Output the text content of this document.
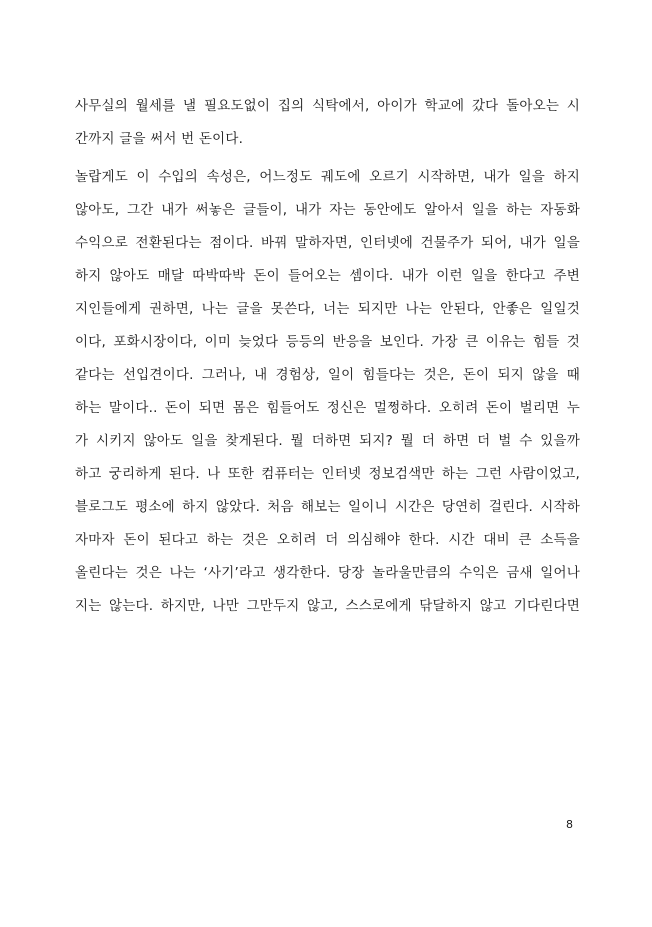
사무실의 월세를 낼 필요도없이 집의 식탁에서, 아이가 학교에 갔다 돌아오는 시
간까지 글을 써서 번 돈이다.
놀랍게도 이 수입의 속성은, 어느정도 궤도에 오르기 시작하면, 내가 일을 하지
않아도, 그간 내가 써놓은 글들이, 내가 자는 동안에도 알아서 일을 하는 자동화
수익으로 전환된다는 점이다. 바꿔 말하자면, 인터넷에 건물주가 되어, 내가 일을
하지 않아도 매달 따박따박 돈이 들어오는 셈이다. 내가 이런 일을 한다고 주변
지인들에게 권하면, 나는 글을 못쓴다, 너는 되지만 나는 안된다, 안좋은 일일것
이다, 포화시장이다, 이미 늦었다 등등의 반응을 보인다. 가장 큰 이유는 힘들 것
같다는 선입견이다. 그러나, 내 경험상, 일이 힘들다는 것은, 돈이 되지 않을 때
하는 말이다.. 돈이 되면 몸은 힘들어도 정신은 멀쩡하다. 오히려 돈이 벌리면 누
가 시키지 않아도 일을 찾게된다. 뭘 더하면 되지? 뭘 더 하면 더 벌 수 있을까
하고 궁리하게 된다. 나 또한 컴퓨터는 인터넷 정보검색만 하는 그런 사람이었고,
블로그도 평소에 하지 않았다. 처음 해보는 일이니 시간은 당연히 걸린다. 시작하
자마자 돈이 된다고 하는 것은 오히려 더 의심해야 한다. 시간 대비 큰 소득을
올린다는 것은 나는 ‘사기’라고 생각한다. 당장 놀라울만큼의 수익은 금새 일어나
지는 않는다. 하지만, 나만 그만두지 않고, 스스로에게 닦달하지 않고 기다린다면
8
